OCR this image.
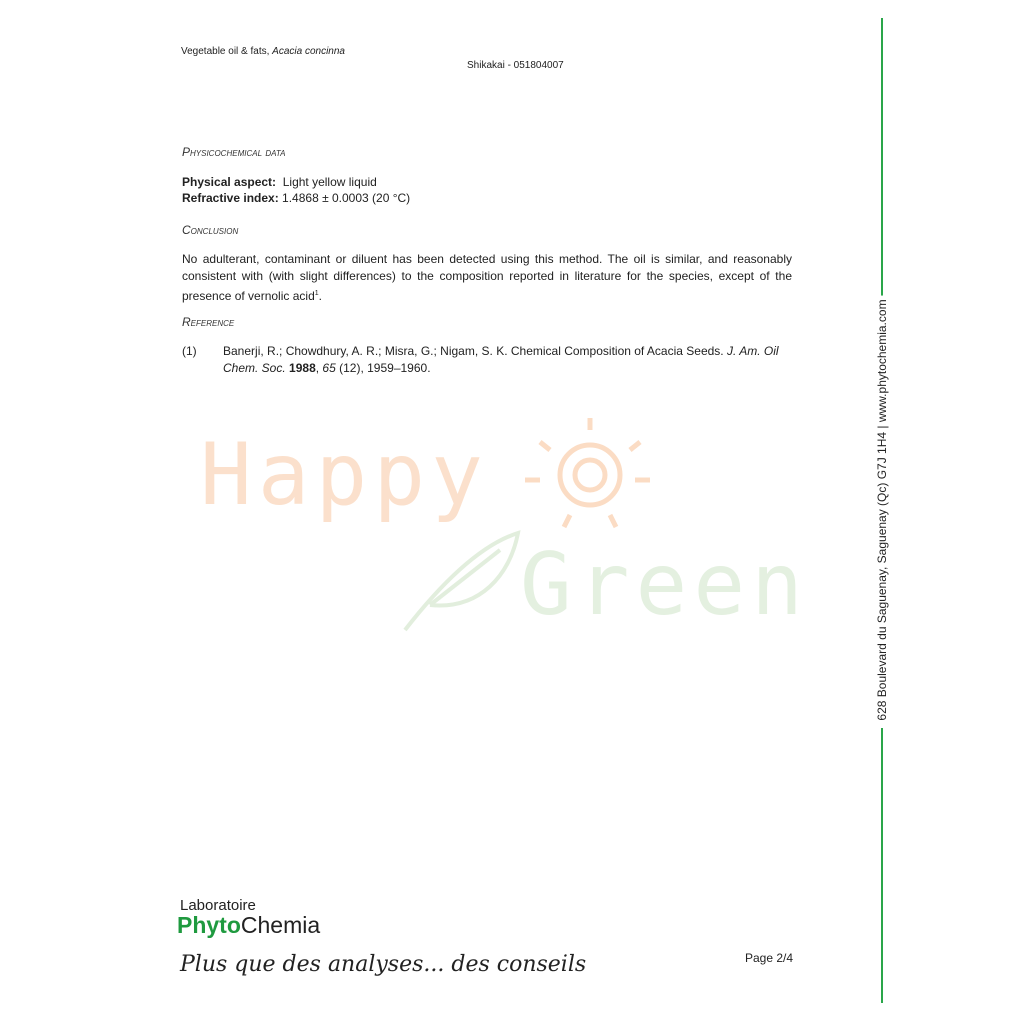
Vegetable oil & fats, Acacia concinna
Shikakai - 051804007
Physicochemical data
Physical aspect: Light yellow liquid
Refractive index: 1.4868 ± 0.0003 (20 °C)
Conclusion
No adulterant, contaminant or diluent has been detected using this method. The oil is similar, and reasonably consistent with (with slight differences) to the composition reported in literature for the species, except of the presence of vernolic acid$^1$.
Reference
(1) Banerji, R.; Chowdhury, A. R.; Misra, G.; Nigam, S. K. Chemical Composition of Acacia Seeds. J. Am. Oil Chem. Soc. 1988, 65 (12), 1959–1960.
Happy
Green	628 Boulevard du Saguenay, Saguenay (Qc) G7J 1H4 | www.phytochemia.com
Laboratoire
PhytoChemia
Plus que des analyses... des conseils	Page 2/4
